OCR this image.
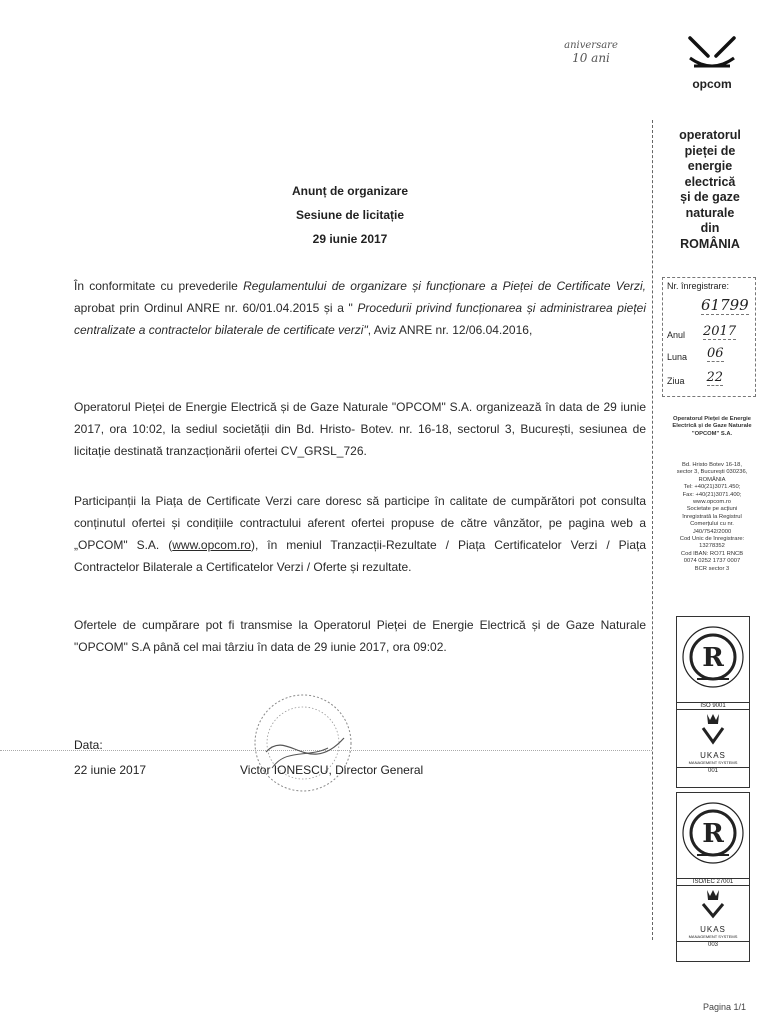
aniversare
10 ani
opcom
operatorul
pieței de
energie
electrică
și de gaze
naturale
din
ROMÂNIA
Anunț de organizare
Sesiune de licitație
29 iunie 2017
În conformitate cu prevederile Regulamentului de organizare și funcționare a Pieței de Certificate Verzi, aprobat prin Ordinul ANRE nr. 60/01.04.2015 și a " Procedurii privind funcționarea și administrarea pieței centralizate a contractelor bilaterale de certificate verzi", Aviz ANRE nr. 12/06.04.2016,
Operatorul Pieței de Energie Electrică și de Gaze Naturale "OPCOM" S.A. organizează în data de 29 iunie 2017, ora 10:02, la sediul societății din Bd. Hristo- Botev. nr. 16-18, sectorul 3, București, sesiunea de licitație destinată tranzacționării ofertei CV_GRSL_726.
Participanții la Piața de Certificate Verzi care doresc să participe în calitate de cumpărători pot consulta conținutul ofertei și condițiile contractului aferent ofertei propuse de către vânzător, pe pagina web a „OPCOM" S.A. (www.opcom.ro), în meniul Tranzacții-Rezultate / Piața Certificatelor Verzi / Piața Contractelor Bilaterale a Certificatelor Verzi / Oferte și rezultate.
Ofertele de cumpărare pot fi transmise la Operatorul Pieței de Energie Electrică și de Gaze Naturale "OPCOM" S.A până cel mai târziu în data de 29 iunie 2017, ora 09:02.
Data:
22 iunie 2017	Victor IONESCU, Director General
Nr. înregistrare:
61799
Anul 2017
Luna 06
Ziua 22
Operatorul Pieței de Energie Electrică și de Gaze Naturale "OPCOM" S.A.
Bd. Hristo Botev 16-18,
sector 3, București 030236,
ROMÂNIA
Tel: +40(21)3071.450;
Fax: +40(21)3071.400;
www.opcom.ro
Societate pe acțiuni
înregistrată la Registrul
Comerțului cu nr.
J40/7542/2000
Cod Unic de înregistrare:
13278352
Cod IBAN: RO71 RNCB
0074 0252 1737 0007
BCR sector 3
R
ISO 9001
UKAS
MANAGEMENT SYSTEMS
001
R
ISO/IEC 27001
UKAS
MANAGEMENT SYSTEMS
003
Pagina 1/1
